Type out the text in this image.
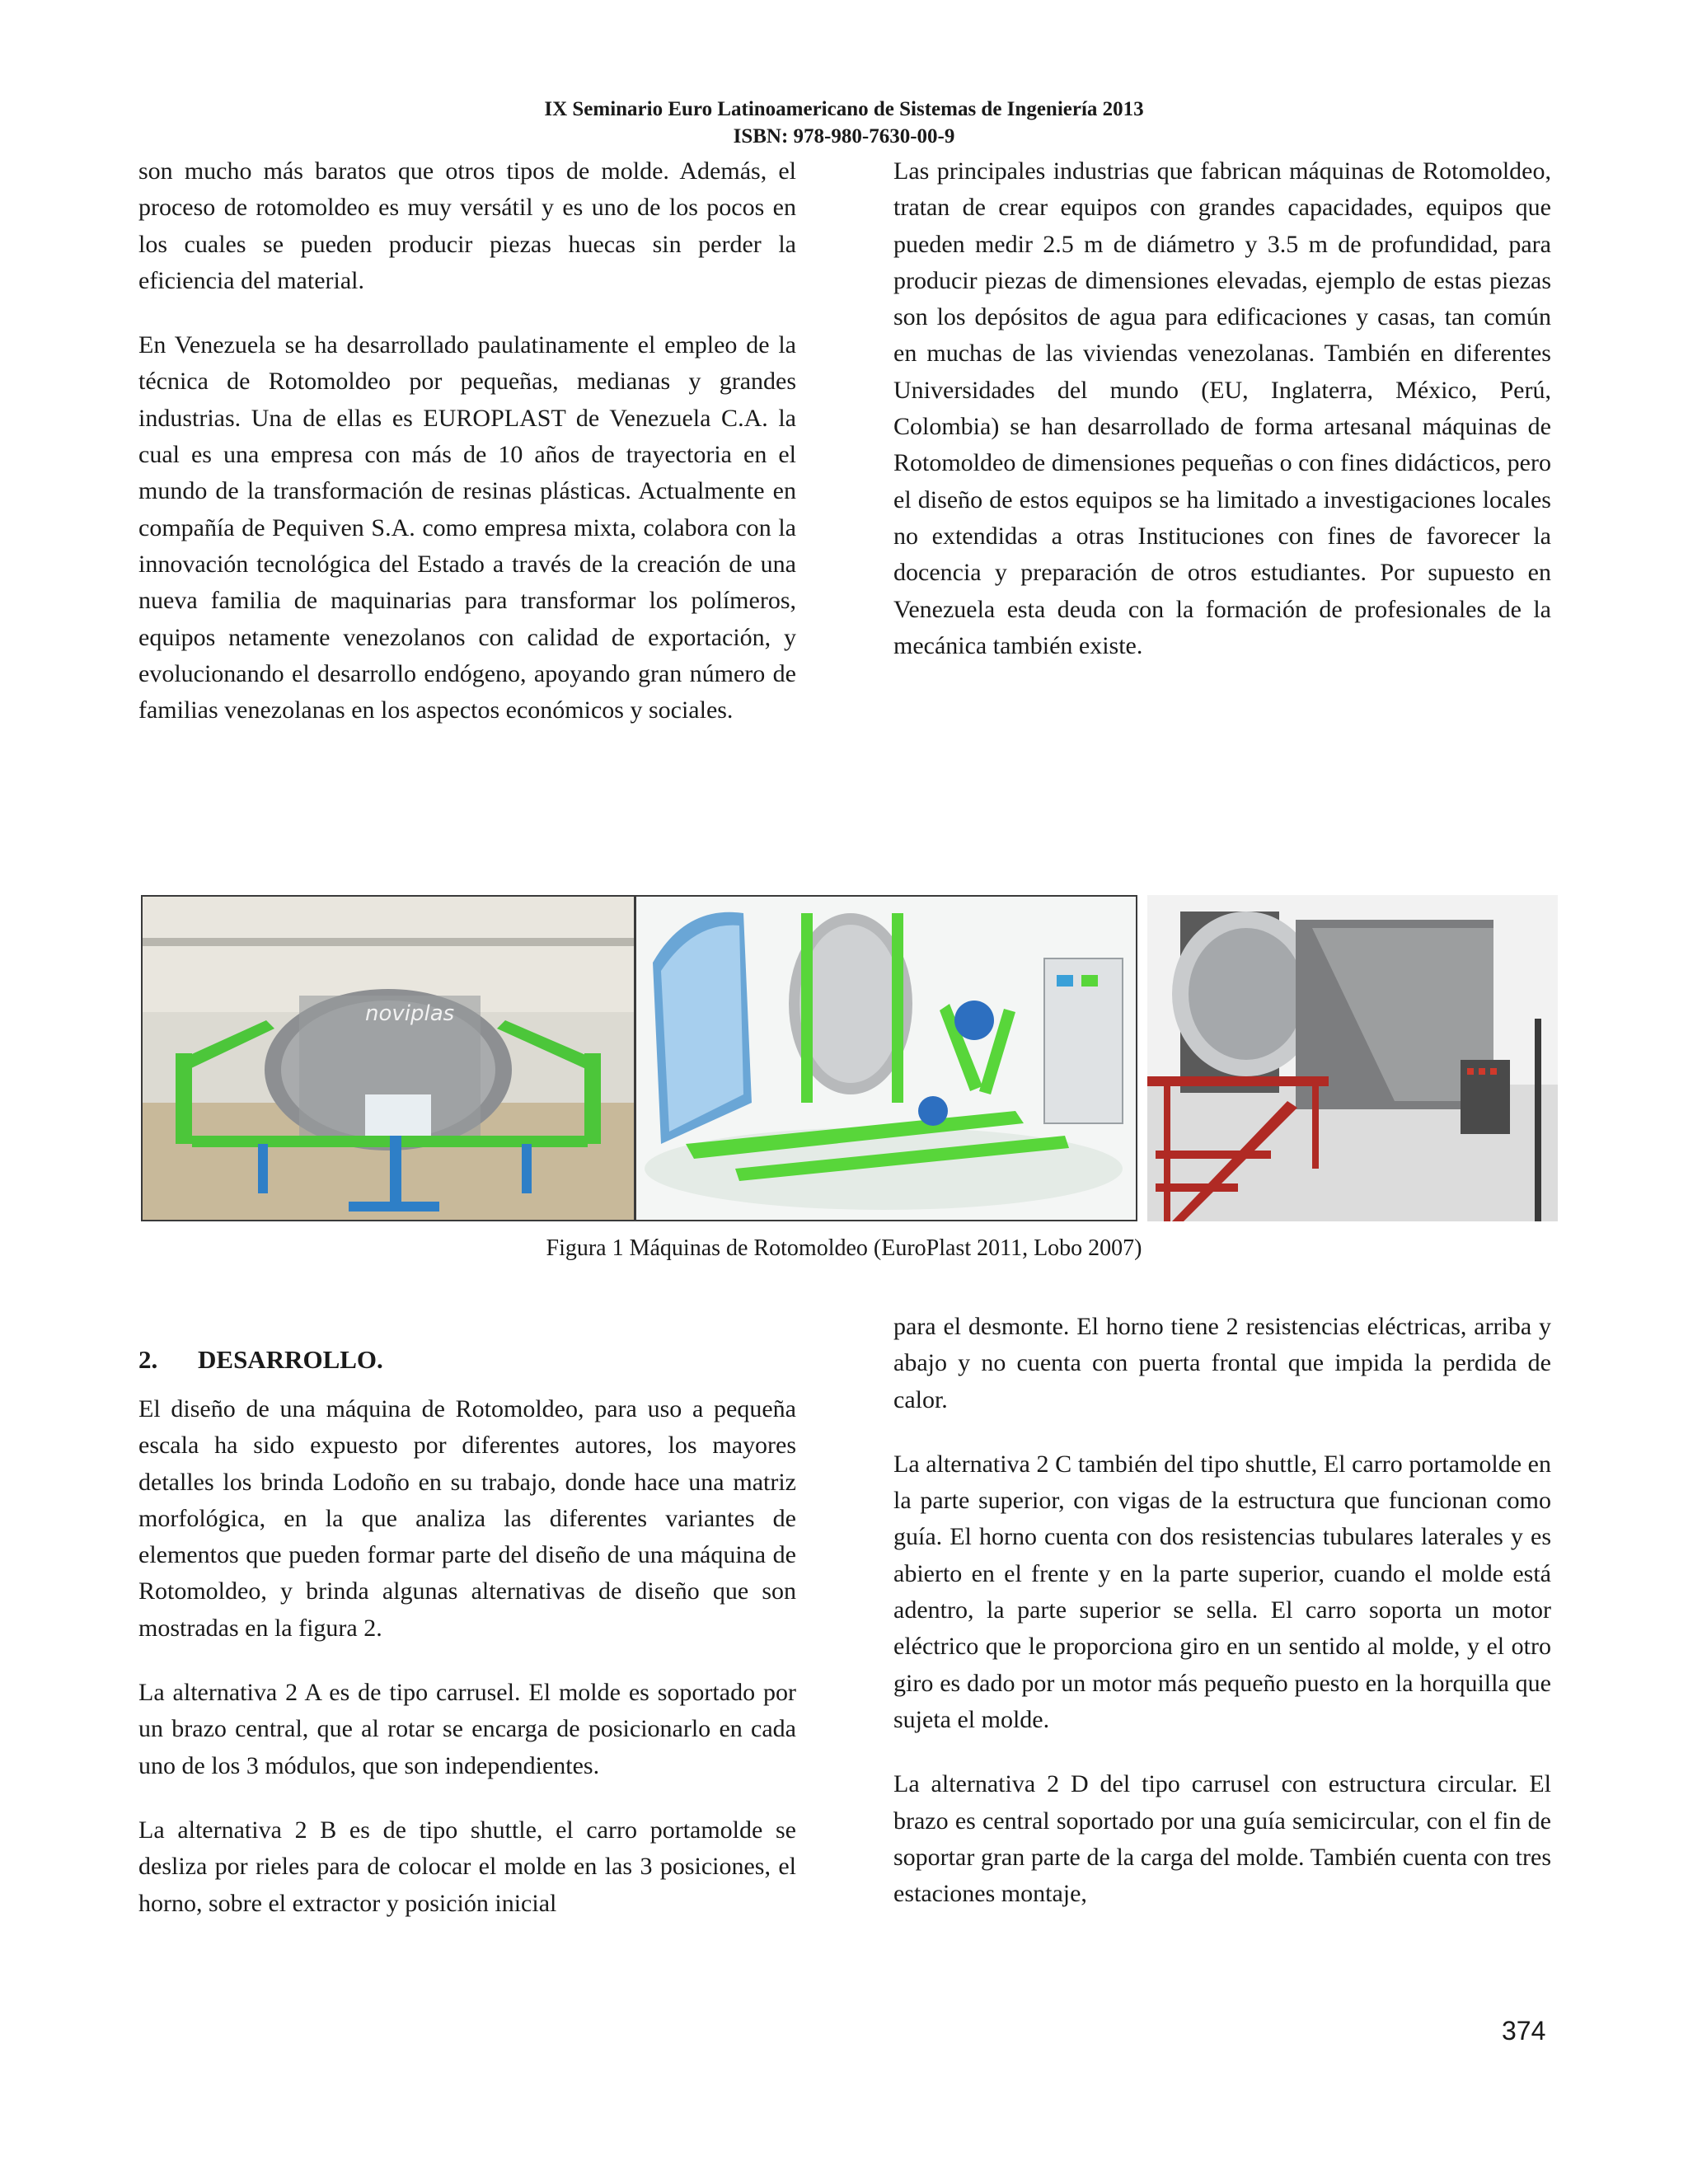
IX Seminario Euro Latinoamericano de Sistemas de Ingeniería 2013
ISBN: 978-980-7630-00-9

son mucho más baratos que otros tipos de molde. Además, el proceso de rotomoldeo es muy versátil y es uno de los pocos en los cuales se pueden producir piezas huecas sin perder la eficiencia del material.

En Venezuela se ha desarrollado paulatinamente el empleo de la técnica de Rotomoldeo por pequeñas, medianas y grandes industrias. Una de ellas es EUROPLAST de Venezuela C.A. la cual es una empresa con más de 10 años de trayectoria en el mundo de la transformación de resinas plásticas. Actualmente en compañía de Pequiven S.A. como empresa mixta, colabora con la innovación tecnológica del Estado a través de la creación de una nueva familia de maquinarias para transformar los polímeros, equipos netamente venezolanos con calidad de exportación, y evolucionando el desarrollo endógeno, apoyando gran número de familias venezolanas en los aspectos económicos y sociales.

Las principales industrias que fabrican máquinas de Rotomoldeo, tratan de crear equipos con grandes capacidades, equipos que pueden medir 2.5 m de diámetro y 3.5 m de profundidad, para producir piezas de dimensiones elevadas, ejemplo de estas piezas son los depósitos de agua para edificaciones y casas, tan común en muchas de las viviendas venezolanas. También en diferentes Universidades del mundo (EU, Inglaterra, México, Perú, Colombia) se han desarrollado de forma artesanal máquinas de Rotomoldeo de dimensiones pequeñas o con fines didácticos, pero el diseño de estos equipos se ha limitado a investigaciones locales no extendidas a otras Instituciones con fines de favorecer la docencia y preparación de otros estudiantes. Por supuesto en Venezuela esta deuda con la formación de profesionales de la mecánica también existe.

noviplas
Figura 1 Máquinas de Rotomoldeo (EuroPlast 2011, Lobo 2007)
2. DESARROLLO.

El diseño de una máquina de Rotomoldeo, para uso a pequeña escala ha sido expuesto por diferentes autores, los mayores detalles los brinda Lodoño en su trabajo, donde hace una matriz morfológica, en la que analiza las diferentes variantes de elementos que pueden formar parte del diseño de una máquina de Rotomoldeo, y brinda algunas alternativas de diseño que son mostradas en la figura 2.

La alternativa 2 A es de tipo carrusel. El molde es soportado por un brazo central, que al rotar se encarga de posicionarlo en cada uno de los 3 módulos, que son independientes.

La alternativa 2 B es de tipo shuttle, el carro portamolde se desliza por rieles para de colocar el molde en las 3 posiciones, el horno, sobre el extractor y posición inicial

para el desmonte. El horno tiene 2 resistencias eléctricas, arriba y abajo y no cuenta con puerta frontal que impida la perdida de calor.

La alternativa 2 C también del tipo shuttle, El carro portamolde en la parte superior, con vigas de la estructura que funcionan como guía. El horno cuenta con dos resistencias tubulares laterales y es abierto en el frente y en la parte superior, cuando el molde está adentro, la parte superior se sella. El carro soporta un motor eléctrico que le proporciona giro en un sentido al molde, y el otro giro es dado por un motor más pequeño puesto en la horquilla que sujeta el molde.

La alternativa 2 D del tipo carrusel con estructura circular. El brazo es central soportado por una guía semicircular, con el fin de soportar gran parte de la carga del molde. También cuenta con tres estaciones montaje,

374
